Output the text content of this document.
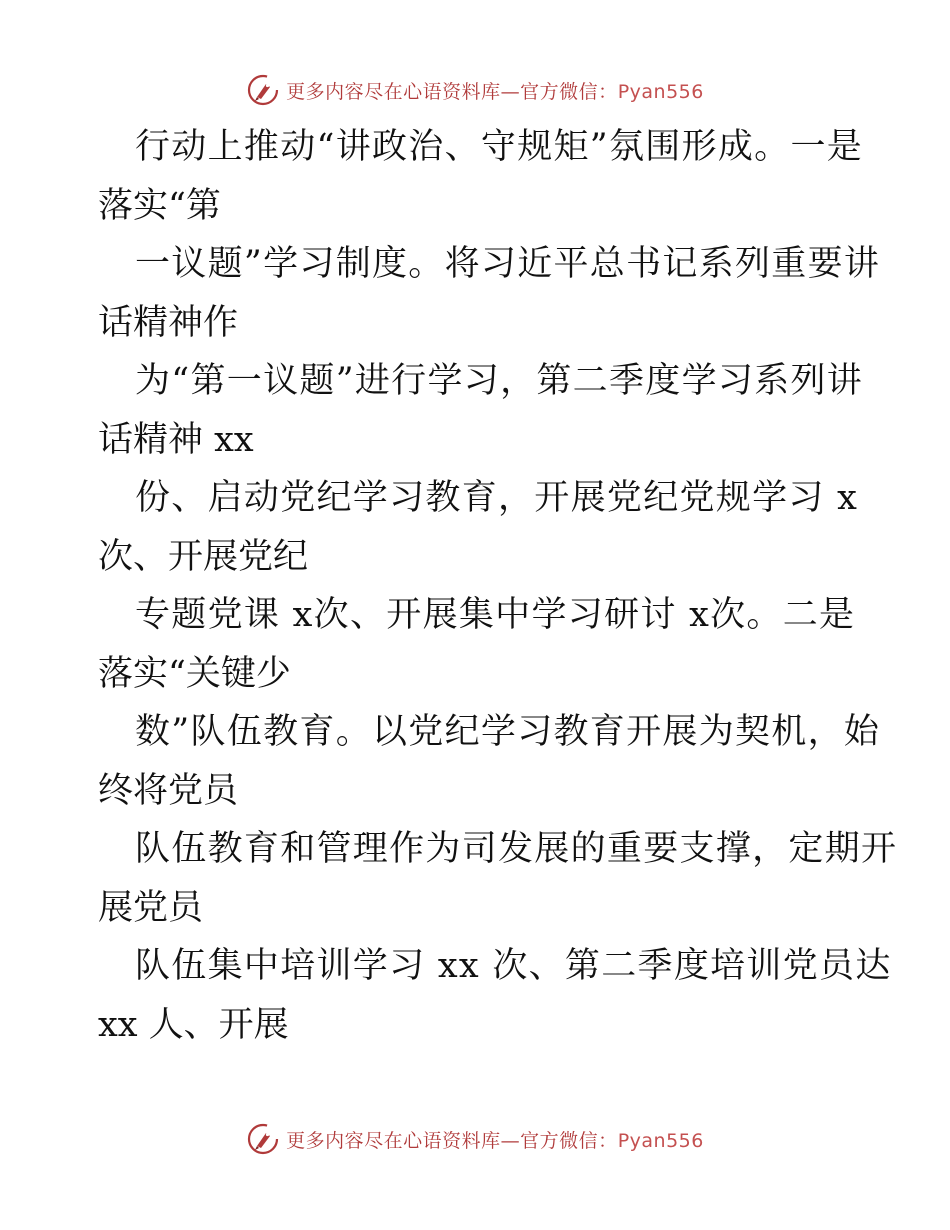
更多内容尽在心语资料库—官方微信：Pyan556
行动上推动“讲政治、守规矩”氛围形成。一是
落实“第
一议题”学习制度。将习近平总书记系列重要讲
话精神作
为“第一议题”进行学习，第二季度学习系列讲
话精神 xx
份、启动党纪学习教育，开展党纪党规学习 x
次、开展党纪
专题党课 x次、开展集中学习研讨 x次。二是
落实“关键少
数”队伍教育。以党纪学习教育开展为契机，始
终将党员
队伍教育和管理作为司发展的重要支撑，定期开
展党员
队伍集中培训学习 xx 次、第二季度培训党员达
xx 人、开展
更多内容尽在心语资料库—官方微信：Pyan556
